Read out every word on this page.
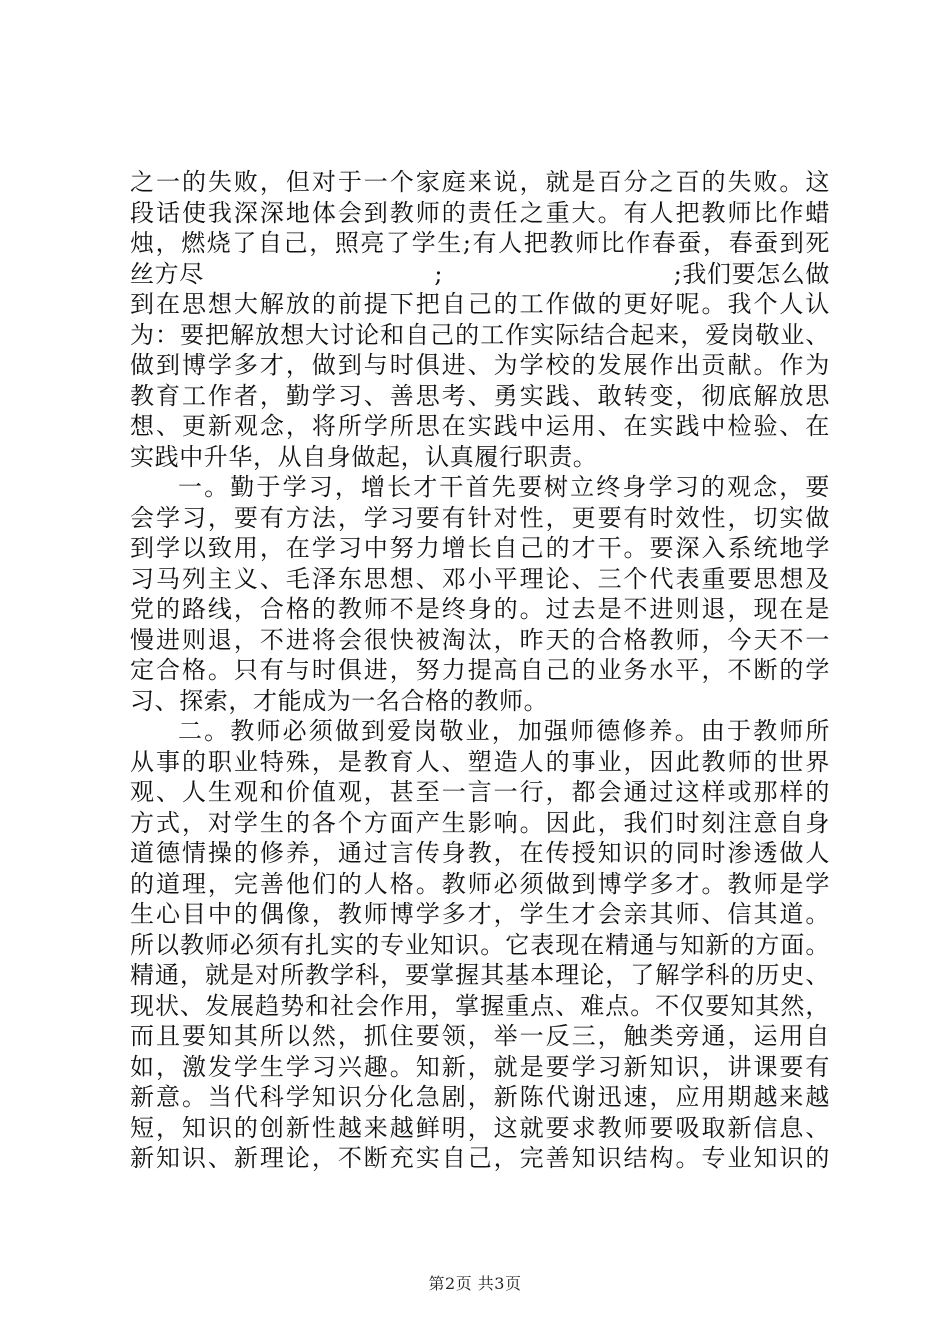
之一的失败，但对于一个家庭来说，就是百分之百的失败。这
段话使我深深地体会到教师的责任之重大。有人把教师比作蜡
烛，燃烧了自己，照亮了学生;有人把教师比作春蚕，春蚕到死
丝方尽	;	;我们要怎么做
到在思想大解放的前提下把自己的工作做的更好呢。我个人认
为：要把解放想大讨论和自己的工作实际结合起来，爱岗敬业、
做到博学多才，做到与时俱进、为学校的发展作出贡献。作为
教育工作者，勤学习、善思考、勇实践、敢转变，彻底解放思
想、更新观念，将所学所思在实践中运用、在实践中检验、在
实践中升华，从自身做起，认真履行职责。
一。勤于学习，增长才干首先要树立终身学习的观念，要
会学习，要有方法，学习要有针对性，更要有时效性，切实做
到学以致用，在学习中努力增长自己的才干。要深入系统地学
习马列主义、毛泽东思想、邓小平理论、三个代表重要思想及
党的路线，合格的教师不是终身的。过去是不进则退，现在是
慢进则退，不进将会很快被淘汰，昨天的合格教师，今天不一
定合格。只有与时俱进，努力提高自己的业务水平，不断的学
习、探索，才能成为一名合格的教师。
二。教师必须做到爱岗敬业，加强师德修养。由于教师所
从事的职业特殊，是教育人、塑造人的事业，因此教师的世界
观、人生观和价值观，甚至一言一行，都会通过这样或那样的
方式，对学生的各个方面产生影响。因此，我们时刻注意自身
道德情操的修养，通过言传身教，在传授知识的同时渗透做人
的道理，完善他们的人格。教师必须做到博学多才。教师是学
生心目中的偶像，教师博学多才，学生才会亲其师、信其道。
所以教师必须有扎实的专业知识。它表现在精通与知新的方面。
精通，就是对所教学科，要掌握其基本理论，了解学科的历史、
现状、发展趋势和社会作用，掌握重点、难点。不仅要知其然，
而且要知其所以然，抓住要领，举一反三，触类旁通，运用自
如，激发学生学习兴趣。知新，就是要学习新知识，讲课要有
新意。当代科学知识分化急剧，新陈代谢迅速，应用期越来越
短，知识的创新性越来越鲜明，这就要求教师要吸取新信息、
新知识、新理论，不断充实自己，完善知识结构。专业知识的
第2页 共3页
